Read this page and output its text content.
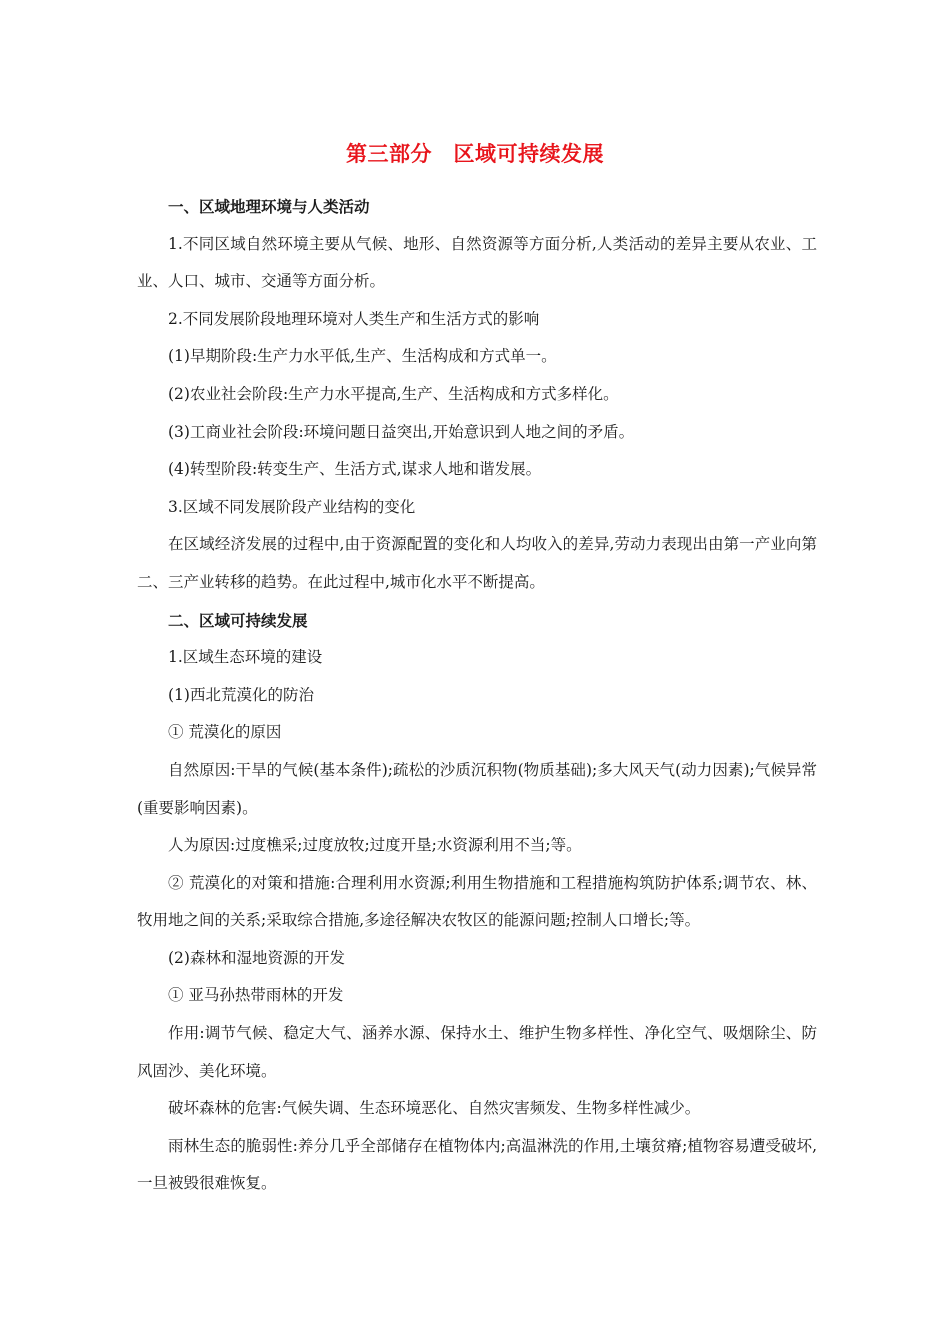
第三部分　区域可持续发展

一、区域地理环境与人类活动

1.不同区域自然环境主要从气候、地形、自然资源等方面分析,人类活动的差异主要从农业、工业、人口、城市、交通等方面分析。

2.不同发展阶段地理环境对人类生产和生活方式的影响

(1)早期阶段:生产力水平低,生产、生活构成和方式单一。

(2)农业社会阶段:生产力水平提高,生产、生活构成和方式多样化。

(3)工商业社会阶段:环境问题日益突出,开始意识到人地之间的矛盾。

(4)转型阶段:转变生产、生活方式,谋求人地和谐发展。

3.区域不同发展阶段产业结构的变化

在区域经济发展的过程中,由于资源配置的变化和人均收入的差异,劳动力表现出由第一产业向第二、三产业转移的趋势。在此过程中,城市化水平不断提高。

二、区域可持续发展

1.区域生态环境的建设

(1)西北荒漠化的防治

① 荒漠化的原因

自然原因:干旱的气候(基本条件);疏松的沙质沉积物(物质基础);多大风天气(动力因素);气候异常(重要影响因素)。

人为原因:过度樵采;过度放牧;过度开垦;水资源利用不当;等。

② 荒漠化的对策和措施:合理利用水资源;利用生物措施和工程措施构筑防护体系;调节农、林、牧用地之间的关系;采取综合措施,多途径解决农牧区的能源问题;控制人口增长;等。

(2)森林和湿地资源的开发

① 亚马孙热带雨林的开发

作用:调节气候、稳定大气、涵养水源、保持水土、维护生物多样性、净化空气、吸烟除尘、防风固沙、美化环境。

破坏森林的危害:气候失调、生态环境恶化、自然灾害频发、生物多样性减少。

雨林生态的脆弱性:养分几乎全部储存在植物体内;高温淋洗的作用,土壤贫瘠;植物容易遭受破坏,一旦被毁很难恢复。
